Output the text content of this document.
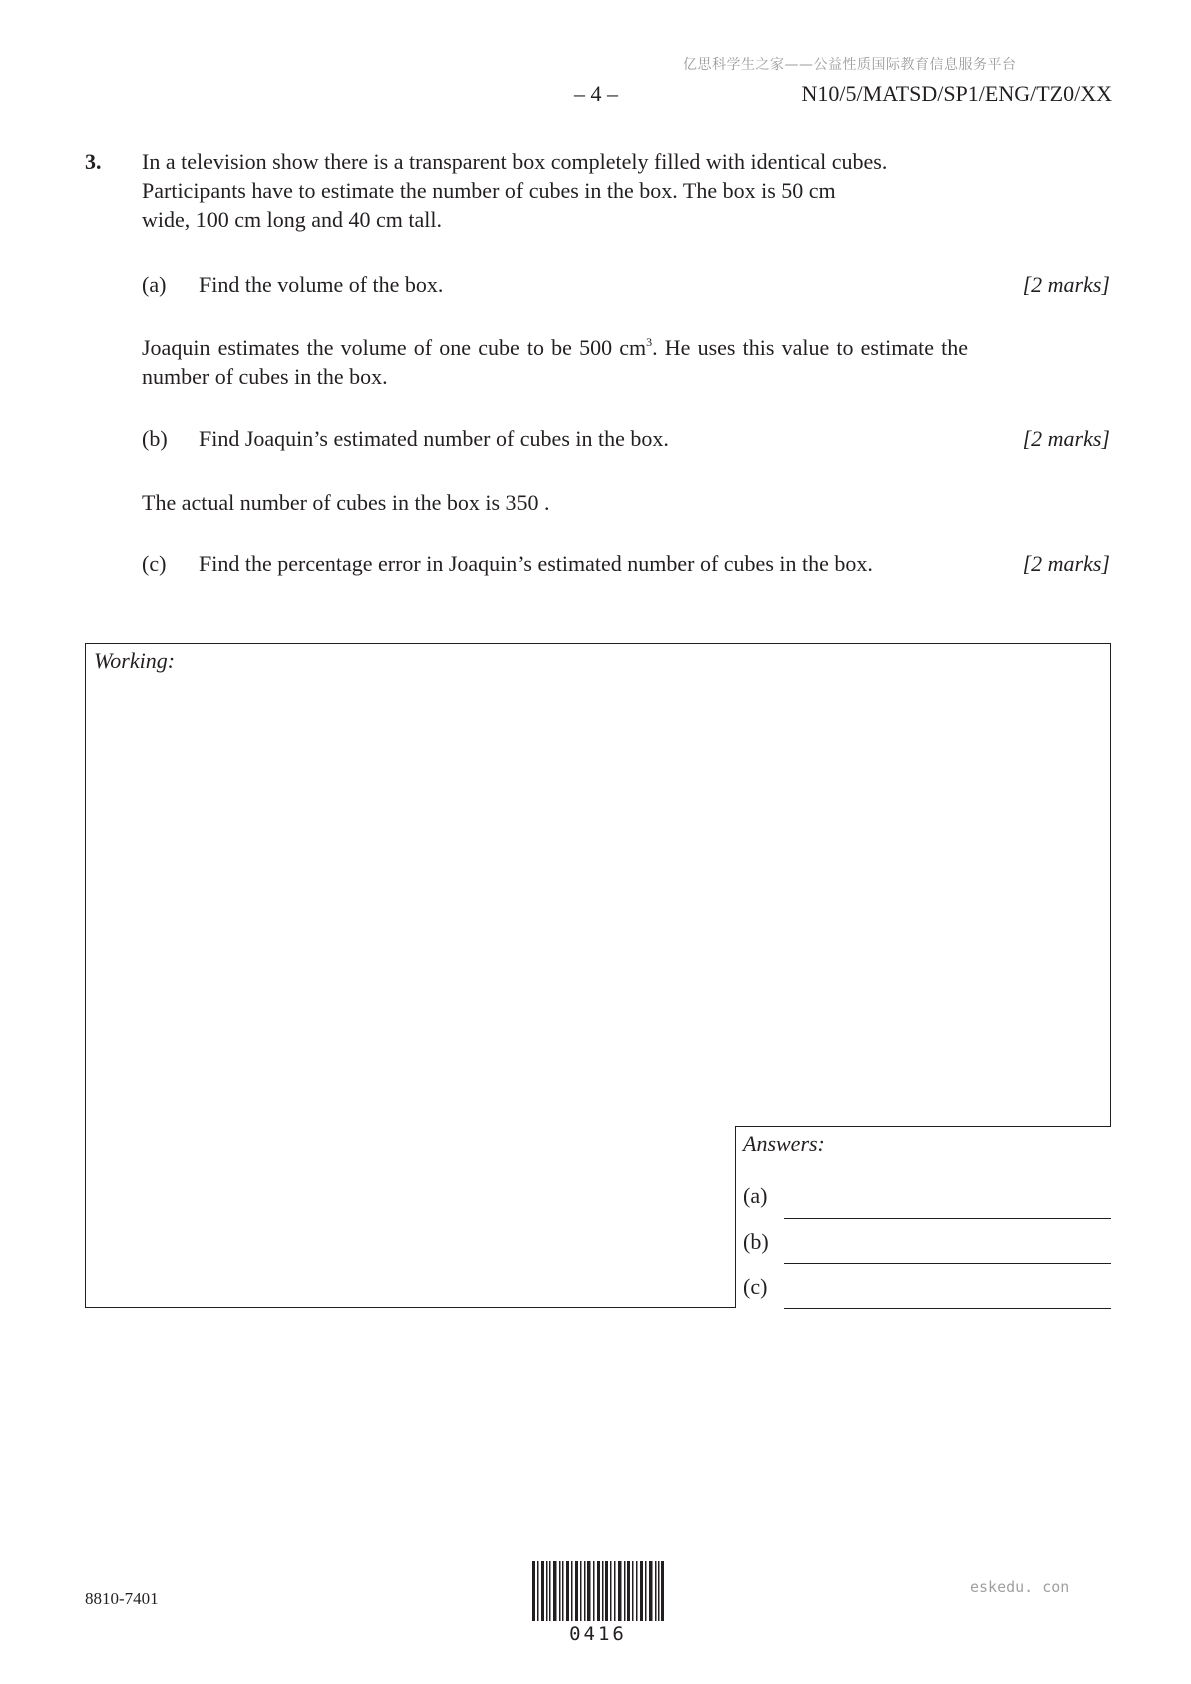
亿思科学生之家——公益性质国际教育信息服务平台
– 4 –	N10/5/MATSD/SP1/ENG/TZ0/XX
3. In a television show there is a transparent box completely filled with identical cubes.
Participants have to estimate the number of cubes in the box. The box is 50 cm
wide, 100 cm long and 40 cm tall.
(a) Find the volume of the box.	[2 marks]
Joaquin estimates the volume of one cube to be 500 $cm^3$. He uses this value to estimate the number of cubes in the box.
(b) Find Joaquin’s estimated number of cubes in the box.	[2 marks]
The actual number of cubes in the box is 350 .
(c) Find the percentage error in Joaquin’s estimated number of cubes in the box.	[2 marks]
Working:
Answers:
(a)
(b)
(c)
8810-7401
0416
eskedu. con
